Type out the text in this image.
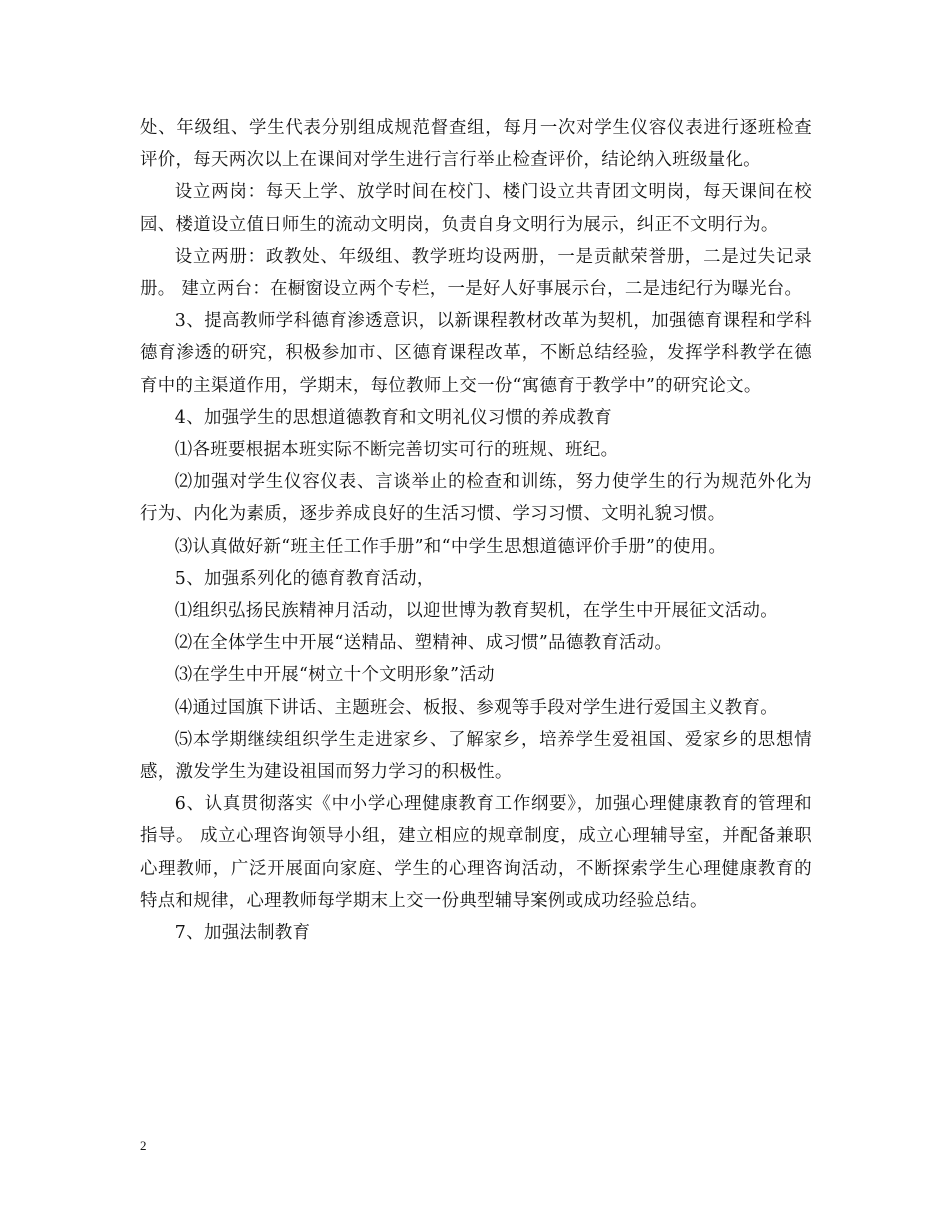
处、年级组、学生代表分别组成规范督查组，每月一次对学生仪容仪表进行逐班检查评价，每天两次以上在课间对学生进行言行举止检查评价，结论纳入班级量化。

设立两岗：每天上学、放学时间在校门、楼门设立共青团文明岗，每天课间在校园、楼道设立值日师生的流动文明岗，负责自身文明行为展示，纠正不文明行为。

设立两册：政教处、年级组、教学班均设两册，一是贡献荣誉册，二是过失记录册。 建立两台：在橱窗设立两个专栏，一是好人好事展示台，二是违纪行为曝光台。

3、提高教师学科德育渗透意识，以新课程教材改革为契机，加强德育课程和学科德育渗透的研究，积极参加市、区德育课程改革，不断总结经验，发挥学科教学在德育中的主渠道作用，学期末，每位教师上交一份“寓德育于教学中”的研究论文。

4、加强学生的思想道德教育和文明礼仪习惯的养成教育

⑴各班要根据本班实际不断完善切实可行的班规、班纪。

⑵加强对学生仪容仪表、言谈举止的检查和训练，努力使学生的行为规范外化为行为、内化为素质，逐步养成良好的生活习惯、学习习惯、文明礼貌习惯。

⑶认真做好新“班主任工作手册”和“中学生思想道德评价手册”的使用。

5、加强系列化的德育教育活动，

⑴组织弘扬民族精神月活动，以迎世博为教育契机，在学生中开展征文活动。

⑵在全体学生中开展“送精品、塑精神、成习惯”品德教育活动。

⑶在学生中开展“树立十个文明形象”活动

⑷通过国旗下讲话、主题班会、板报、参观等手段对学生进行爱国主义教育。

⑸本学期继续组织学生走进家乡、了解家乡，培养学生爱祖国、爱家乡的思想情感，激发学生为建设祖国而努力学习的积极性。

6、认真贯彻落实《中小学心理健康教育工作纲要》，加强心理健康教育的管理和指导。 成立心理咨询领导小组，建立相应的规章制度，成立心理辅导室，并配备兼职心理教师，广泛开展面向家庭、学生的心理咨询活动，不断探索学生心理健康教育的特点和规律，心理教师每学期末上交一份典型辅导案例或成功经验总结。

7、加强法制教育

2
